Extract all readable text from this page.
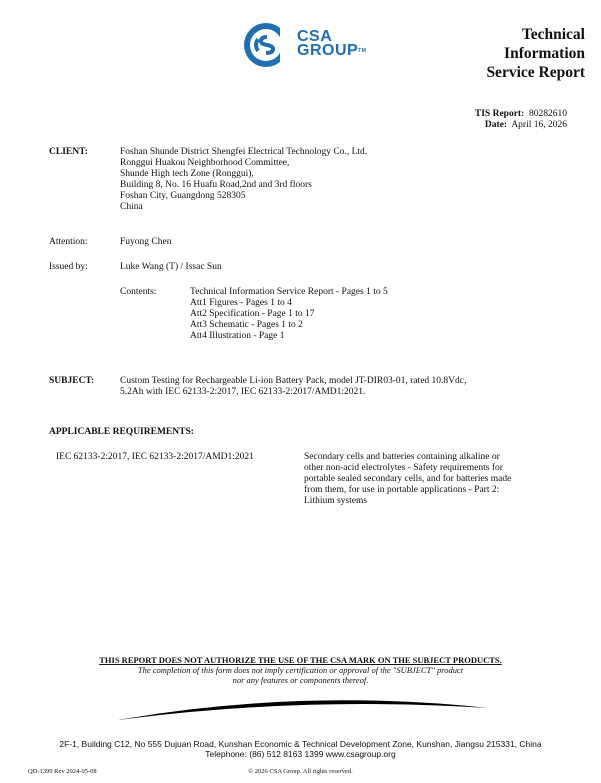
CSA
GROUP™
Technical
Information
Service Report
TIS Report: 80282610
Date: April 16, 2026
CLIENT:	Foshan Shunde District Shengfei Electrical Technology Co., Ltd.
Ronggui Huakou Neighborhood Committee,
Shunde High tech Zone (Ronggui),
Building 8, No. 16 Huafu Road,2nd and 3rd floors
Foshan City, Guangdong 528305
China
Attention:	Fuyong Chen
Issued by:	Luke Wang (T) / Issac Sun
Contents:	Technical Information Service Report - Pages 1 to 5
Att1 Figures - Pages 1 to 4
Att2 Specification - Page 1 to 17
Att3 Schematic - Pages 1 to 2
Att4 Illustration - Page 1
SUBJECT:	Custom Testing for Rechargeable Li-ion Battery Pack, model JT-DIR03-01, rated 10.8Vdc,
5.2Ah with IEC 62133-2:2017, IEC 62133-2:2017/AMD1:2021.
APPLICABLE REQUIREMENTS:
IEC 62133-2:2017, IEC 62133-2:2017/AMD1:2021	Secondary cells and batteries containing alkaline or
other non-acid electrolytes - Safety requirements for
portable sealed secondary cells, and for batteries made
from them, for use in portable applications - Part 2:
Lithium systems
THIS REPORT DOES NOT AUTHORIZE THE USE OF THE CSA MARK ON THE SUBJECT PRODUCTS.
The completion of this form does not imply certification or approval of the "SUBJECT" product
nor any features or components thereof.
2F-1, Building C12, No 555 Dujuan Road, Kunshan Economic & Technical Development Zone, Kunshan, Jiangsu 215331, China
Telephone: (86) 512 8163 1399 www.csagroup.org
© 2026 CSA Group. All rights reserved.
QD-1399 Rev 2024-05-08
